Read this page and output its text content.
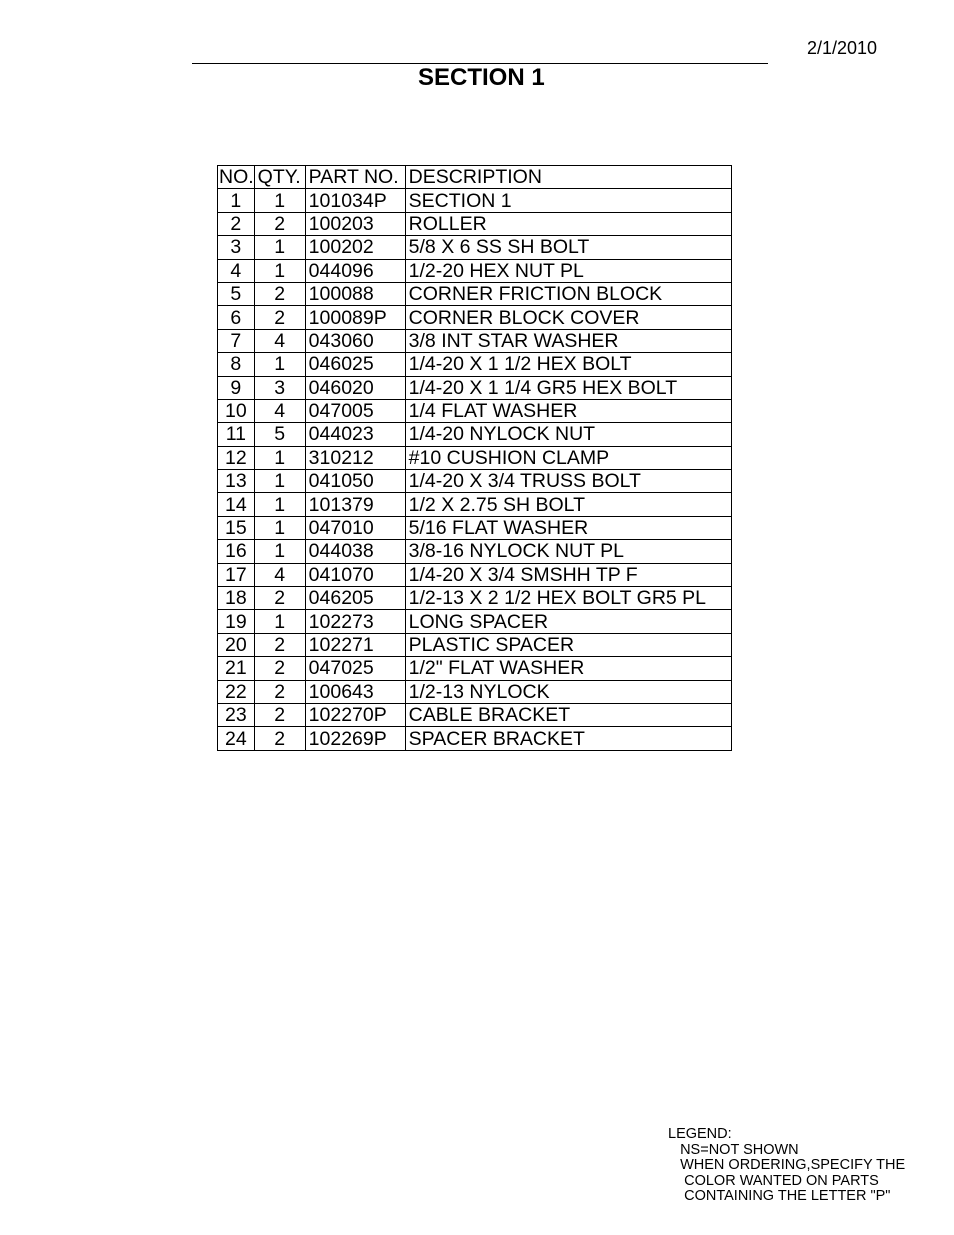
2/1/2010
SECTION 1
NO.	QTY.	PART NO.	DESCRIPTION
1	1	101034P	SECTION 1
2	2	100203	ROLLER
3	1	100202	5/8 X 6 SS SH BOLT
4	1	044096	1/2-20 HEX NUT PL
5	2	100088	CORNER FRICTION BLOCK
6	2	100089P	CORNER BLOCK COVER
7	4	043060	3/8 INT STAR WASHER
8	1	046025	1/4-20 X 1 1/2 HEX BOLT
9	3	046020	1/4-20 X 1 1/4 GR5 HEX BOLT
10	4	047005	1/4 FLAT WASHER
11	5	044023	1/4-20 NYLOCK NUT
12	1	310212	#10 CUSHION CLAMP
13	1	041050	1/4-20 X 3/4 TRUSS BOLT
14	1	101379	1/2 X 2.75 SH BOLT
15	1	047010	5/16 FLAT WASHER
16	1	044038	3/8-16 NYLOCK NUT PL
17	4	041070	1/4-20 X 3/4 SMSHH TP F
18	2	046205	1/2-13 X 2 1/2 HEX BOLT GR5 PL
19	1	102273	LONG SPACER
20	2	102271	PLASTIC SPACER
21	2	047025	1/2" FLAT WASHER
22	2	100643	1/2-13 NYLOCK
23	2	102270P	CABLE BRACKET
24	2	102269P	SPACER BRACKET
LEGEND:
NS=NOT SHOWN
WHEN ORDERING,SPECIFY THE
COLOR WANTED ON PARTS
CONTAINING THE LETTER "P"
